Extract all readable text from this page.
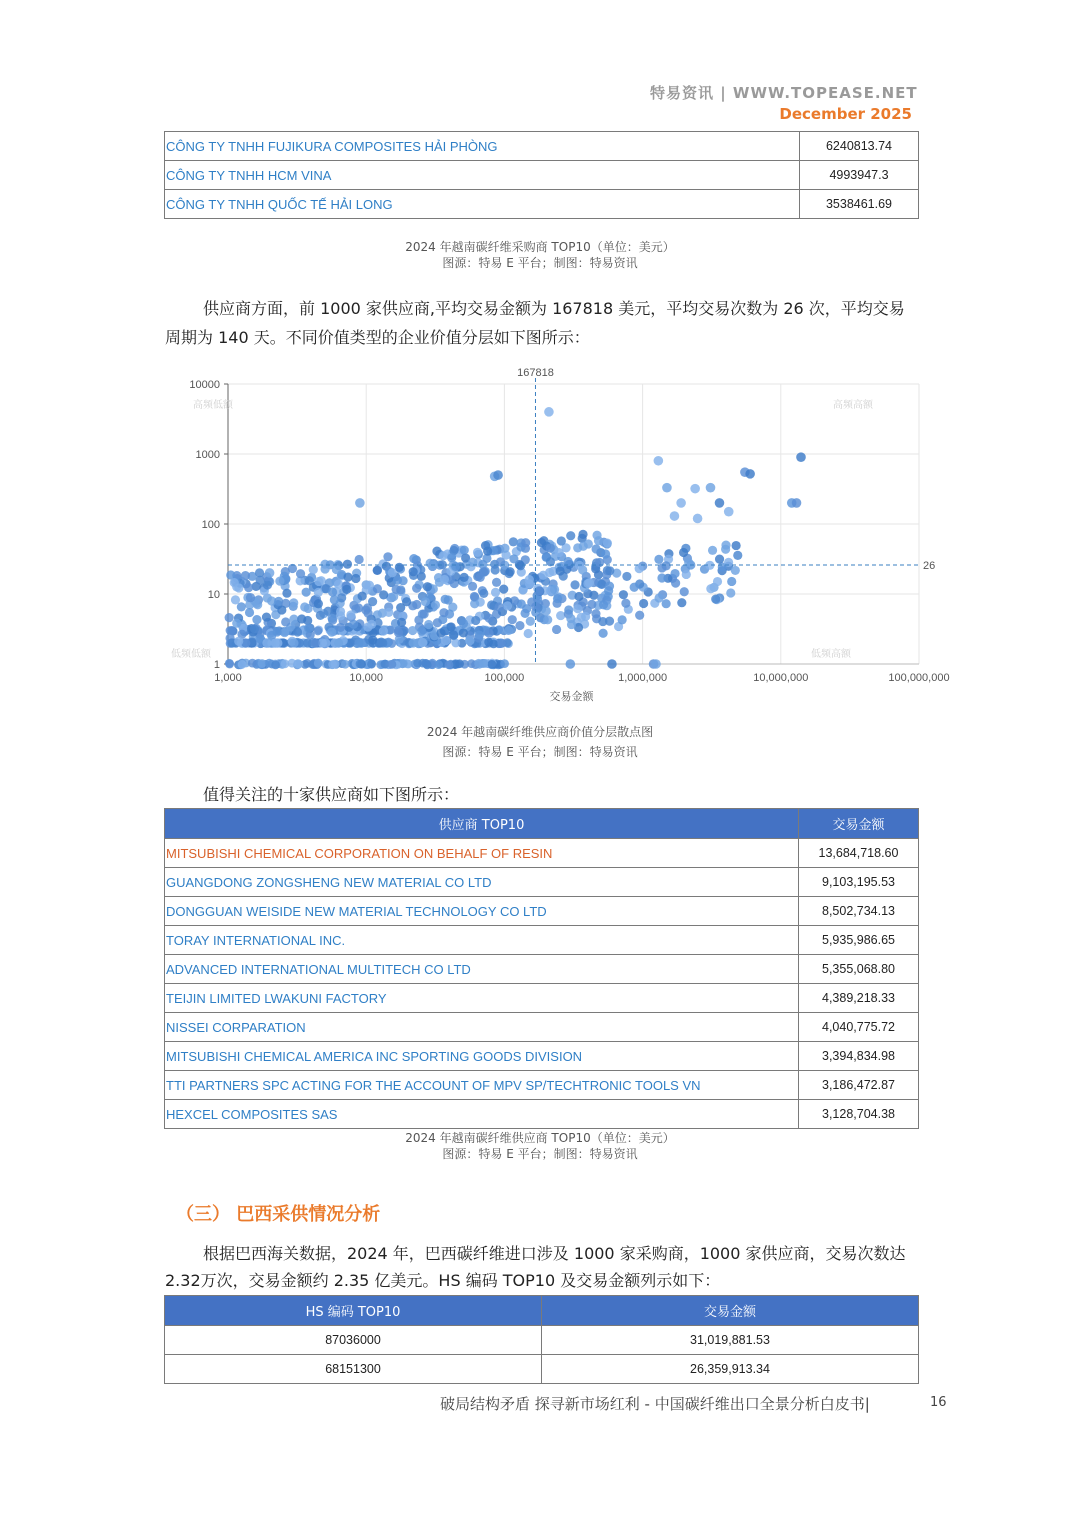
特易资讯 | WWW.TOPEASE.NET
December 2025
CÔNG TY TNHH FUJIKURA COMPOSITES HẢI PHÒNG	6240813.74
CÔNG TY TNHH HCM VINA	4993947.3
CÔNG TY TNHH QUỐC TẾ HẢI LONG	3538461.69
2024 年越南碳纤维采购商 TOP10（单位：美元）
图源：特易 E 平台；制图：特易资讯
供应商方面，前 1000 家供应商,平均交易金额为 167818 美元，平均交易次数为 26 次，平均交易周期为 140 天。不同价值类型的企业价值分层如下图所示：
1,000	10,000	100,000	1,000,000	10,000,000	100,000,000
1
10
100
1000
10000
交易金额
高频低额	高频高额
低频低额	低频高额
167818
26
2024 年越南碳纤维供应商价值分层散点图
图源：特易 E 平台；制图：特易资讯
值得关注的十家供应商如下图所示：
供应商 TOP10	交易金额
MITSUBISHI CHEMICAL CORPORATION ON BEHALF OF RESIN	13,684,718.60
GUANGDONG ZONGSHENG NEW MATERIAL CO LTD	9,103,195.53
DONGGUAN WEISIDE NEW MATERIAL TECHNOLOGY CO LTD	8,502,734.13
TORAY INTERNATIONAL INC.	5,935,986.65
ADVANCED INTERNATIONAL MULTITECH CO LTD	5,355,068.80
TEIJIN LIMITED LWAKUNI FACTORY	4,389,218.33
NISSEI CORPARATION	4,040,775.72
MITSUBISHI CHEMICAL AMERICA INC SPORTING GOODS DIVISION	3,394,834.98
TTI PARTNERS SPC ACTING FOR THE ACCOUNT OF MPV SP/TECHTRONIC TOOLS VN	3,186,472.87
HEXCEL COMPOSITES SAS	3,128,704.38
2024 年越南碳纤维供应商 TOP10（单位：美元）
图源：特易 E 平台；制图：特易资讯
（三） 巴西采供情况分析
根据巴西海关数据，2024 年，巴西碳纤维进口涉及 1000 家采购商，1000 家供应商，交易次数达 2.32万次，交易金额约 2.35 亿美元。HS 编码 TOP10 及交易金额列示如下：
HS 编码 TOP10	交易金额
87036000	31,019,881.53
68151300	26,359,913.34
破局结构矛盾 探寻新市场红利 - 中国碳纤维出口全景分析白皮书|	16
